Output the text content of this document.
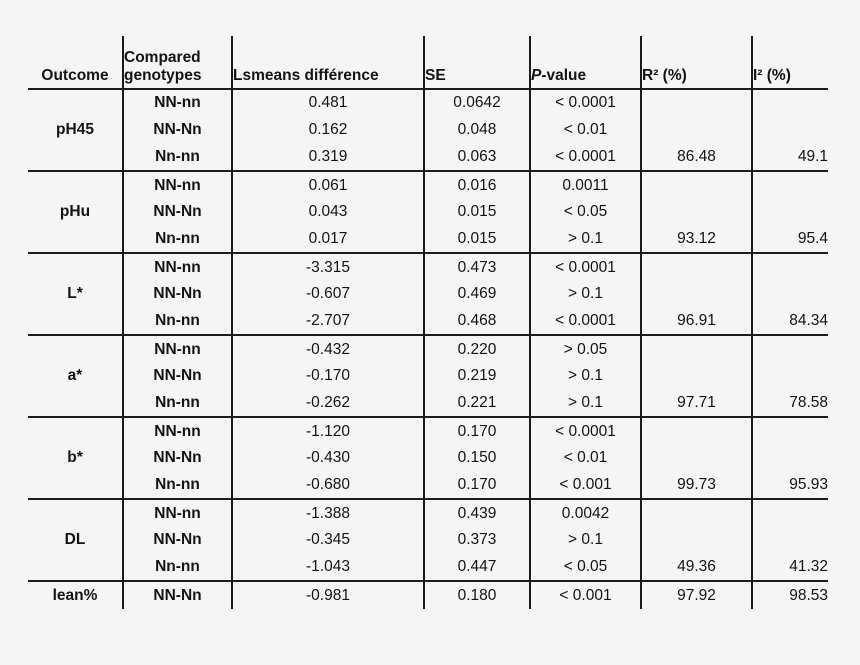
Outcome	Compared
genotypes	Lsmeans différence	SE	P-value	R² (%)	I² (%)
pH45	NN-nn	0.481	0.0642	< 0.0001		
	NN-Nn	0.162	0.048	< 0.01		
	Nn-nn	0.319	0.063	< 0.0001	86.48	49.1
pHu	NN-nn	0.061	0.016	0.0011		
	NN-Nn	0.043	0.015	< 0.05		
	Nn-nn	0.017	0.015	> 0.1	93.12	95.4
L*	NN-nn	-3.315	0.473	< 0.0001		
	NN-Nn	-0.607	0.469	> 0.1		
	Nn-nn	-2.707	0.468	< 0.0001	96.91	84.34
a*	NN-nn	-0.432	0.220	> 0.05		
	NN-Nn	-0.170	0.219	> 0.1		
	Nn-nn	-0.262	0.221	> 0.1	97.71	78.58
b*	NN-nn	-1.120	0.170	< 0.0001		
	NN-Nn	-0.430	0.150	< 0.01		
	Nn-nn	-0.680	0.170	< 0.001	99.73	95.93
DL	NN-nn	-1.388	0.439	0.0042		
	NN-Nn	-0.345	0.373	> 0.1		
	Nn-nn	-1.043	0.447	< 0.05	49.36	41.32
lean%	NN-Nn	-0.981	0.180	< 0.001	97.92	98.53
